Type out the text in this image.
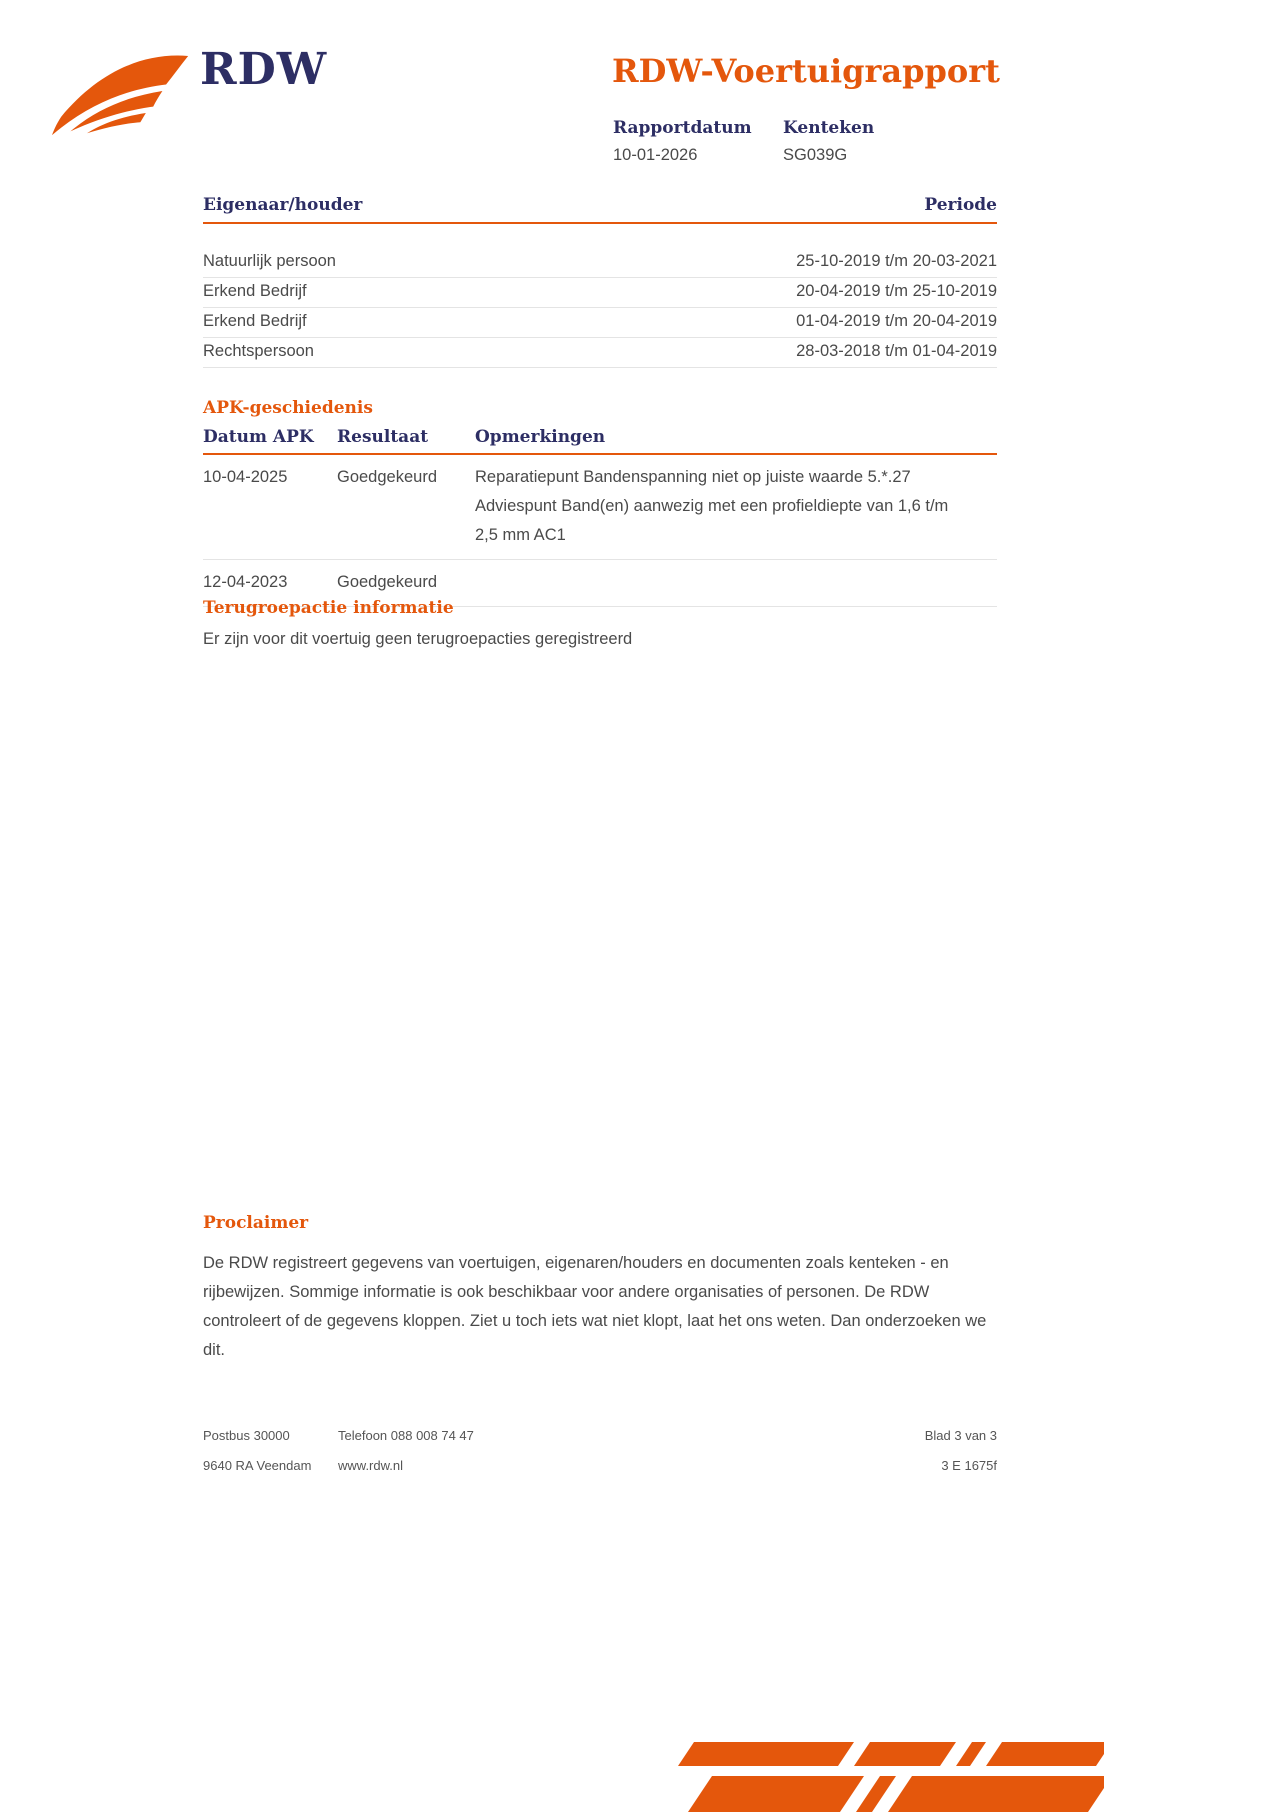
RDW	RDW-Voertuigrapport
Rapportdatum
10-01-2026
Kenteken
SG039G
Eigenaar/houder	Periode
Natuurlijk persoon	25-10-2019 t/m 20-03-2021
Erkend Bedrijf	20-04-2019 t/m 25-10-2019
Erkend Bedrijf	01-04-2019 t/m 20-04-2019
Rechtspersoon	28-03-2018 t/m 01-04-2019
APK-geschiedenis
Datum APK	Resultaat	Opmerkingen
10-04-2025	Goedgekeurd	Reparatiepunt Bandenspanning niet op juiste waarde 5.*.27
Adviespunt Band(en) aanwezig met een profieldiepte van 1,6 t/m
2,5 mm AC1
12-04-2023	Goedgekeurd
Terugroepactie informatie
Er zijn voor dit voertuig geen terugroepacties geregistreerd
Proclaimer
De RDW registreert gegevens van voertuigen, eigenaren/houders en documenten zoals kenteken - en rijbewijzen. Sommige informatie is ook beschikbaar voor andere organisaties of personen. De RDW controleert of de gegevens kloppen. Ziet u toch iets wat niet klopt, laat het ons weten. Dan onderzoeken we dit.
Postbus 30000	Telefoon 088 008 74 47	Blad 3 van 3
9640 RA Veendam	www.rdw.nl	3 E 1675f
